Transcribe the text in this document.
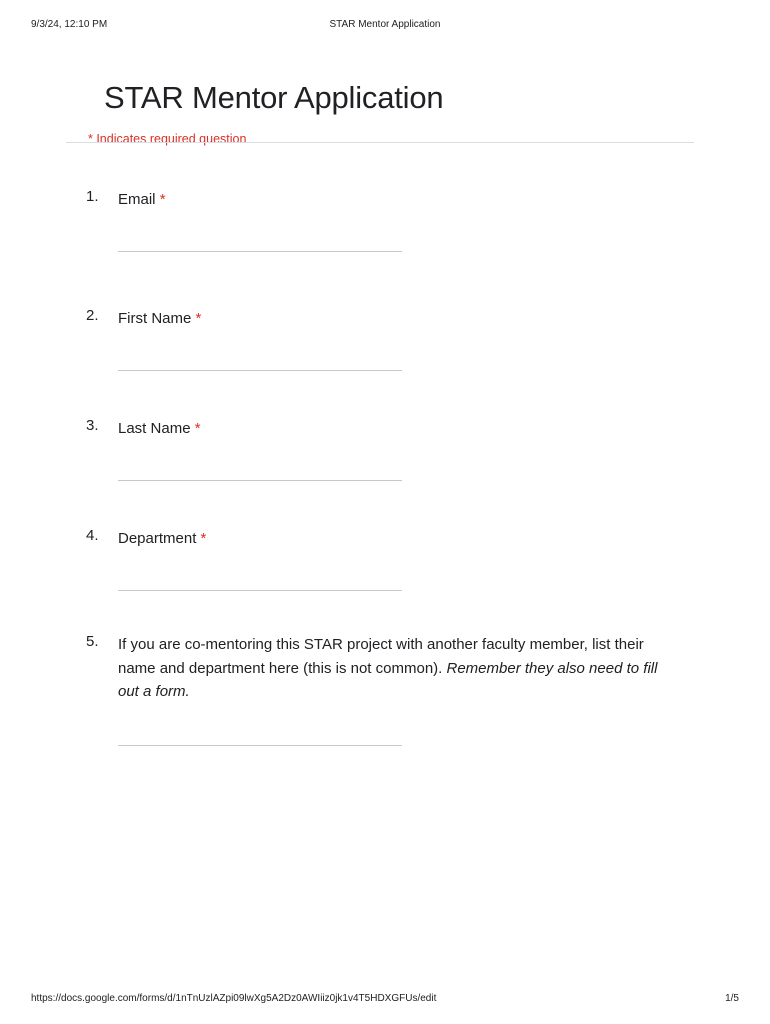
9/3/24, 12:10 PM	STAR Mentor Application
STAR Mentor Application
* Indicates required question
1. Email *
2. First Name *
3. Last Name *
4. Department *
5. If you are co-mentoring this STAR project with another faculty member, list their name and department here (this is not common). Remember they also need to fill out a form.
https://docs.google.com/forms/d/1nTnUzlAZpi09lwXg5A2Dz0AWIiiz0jk1v4T5HDXGFUs/edit	1/5
